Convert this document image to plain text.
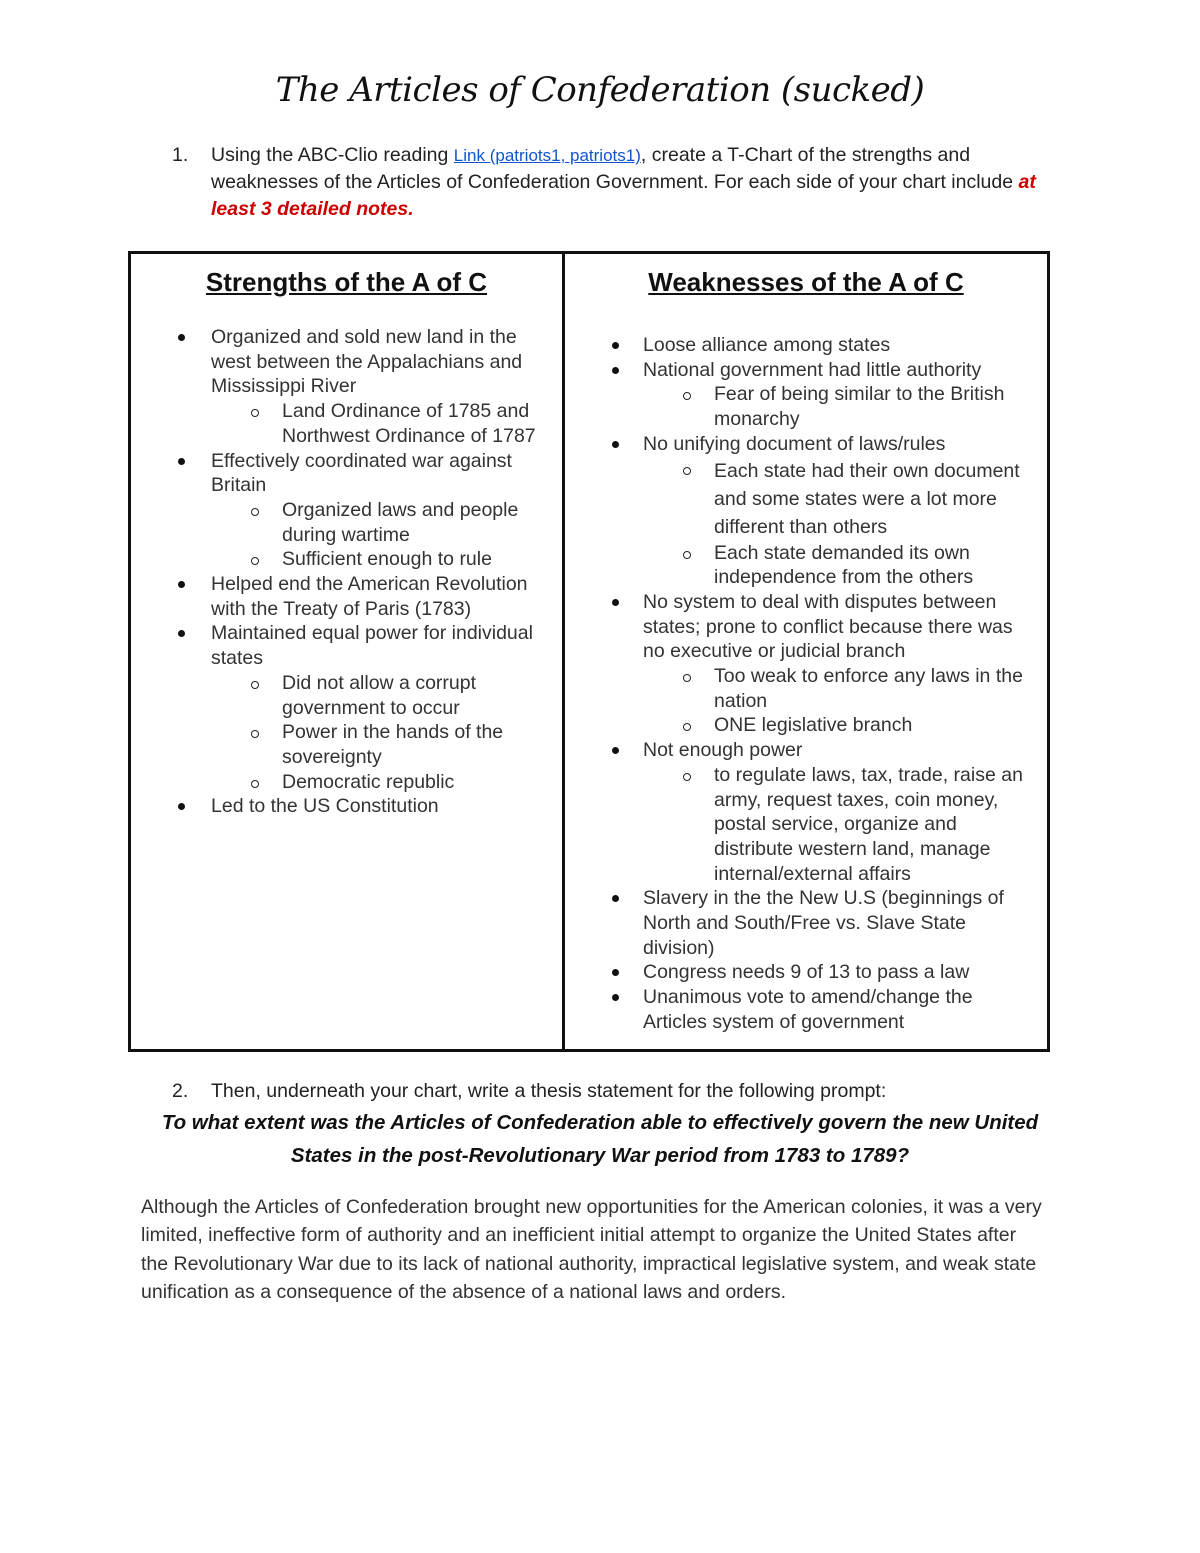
The Articles of Confederation (sucked)
1. Using the ABC-Clio reading Link (patriots1, patriots1), create a T-Chart of the strengths and weaknesses of the Articles of Confederation Government. For each side of your chart include at least 3 detailed notes.
Strengths of the A of C
Organized and sold new land in the west between the Appalachians and Mississippi River
Land Ordinance of 1785 and Northwest Ordinance of 1787
Effectively coordinated war against Britain
Organized laws and people during wartime
Sufficient enough to rule
Helped end the American Revolution with the Treaty of Paris (1783)
Maintained equal power for individual states
Did not allow a corrupt government to occur
Power in the hands of the sovereignty
Democratic republic
Led to the US Constitution
Weaknesses of the A of C
Loose alliance among states
National government had little authority
Fear of being similar to the British monarchy
No unifying document of laws/rules
Each state had their own document and some states were a lot more different than others
Each state demanded its own independence from the others
No system to deal with disputes between states; prone to conflict because there was no executive or judicial branch
Too weak to enforce any laws in the nation
ONE legislative branch
Not enough power
to regulate laws, tax, trade, raise an army, request taxes, coin money, postal service, organize and distribute western land, manage internal/external affairs
Slavery in the the New U.S (beginnings of North and South/Free vs. Slave State division)
Congress needs 9 of 13 to pass a law
Unanimous vote to amend/change the Articles system of government
2. Then, underneath your chart, write a thesis statement for the following prompt:
To what extent was the Articles of Confederation able to effectively govern the new United States in the post-Revolutionary War period from 1783 to 1789?
Although the Articles of Confederation brought new opportunities for the American colonies, it was a very limited, ineffective form of authority and an inefficient initial attempt to organize the United States after the Revolutionary War due to its lack of national authority, impractical legislative system, and weak state unification as a consequence of the absence of a national laws and orders.
